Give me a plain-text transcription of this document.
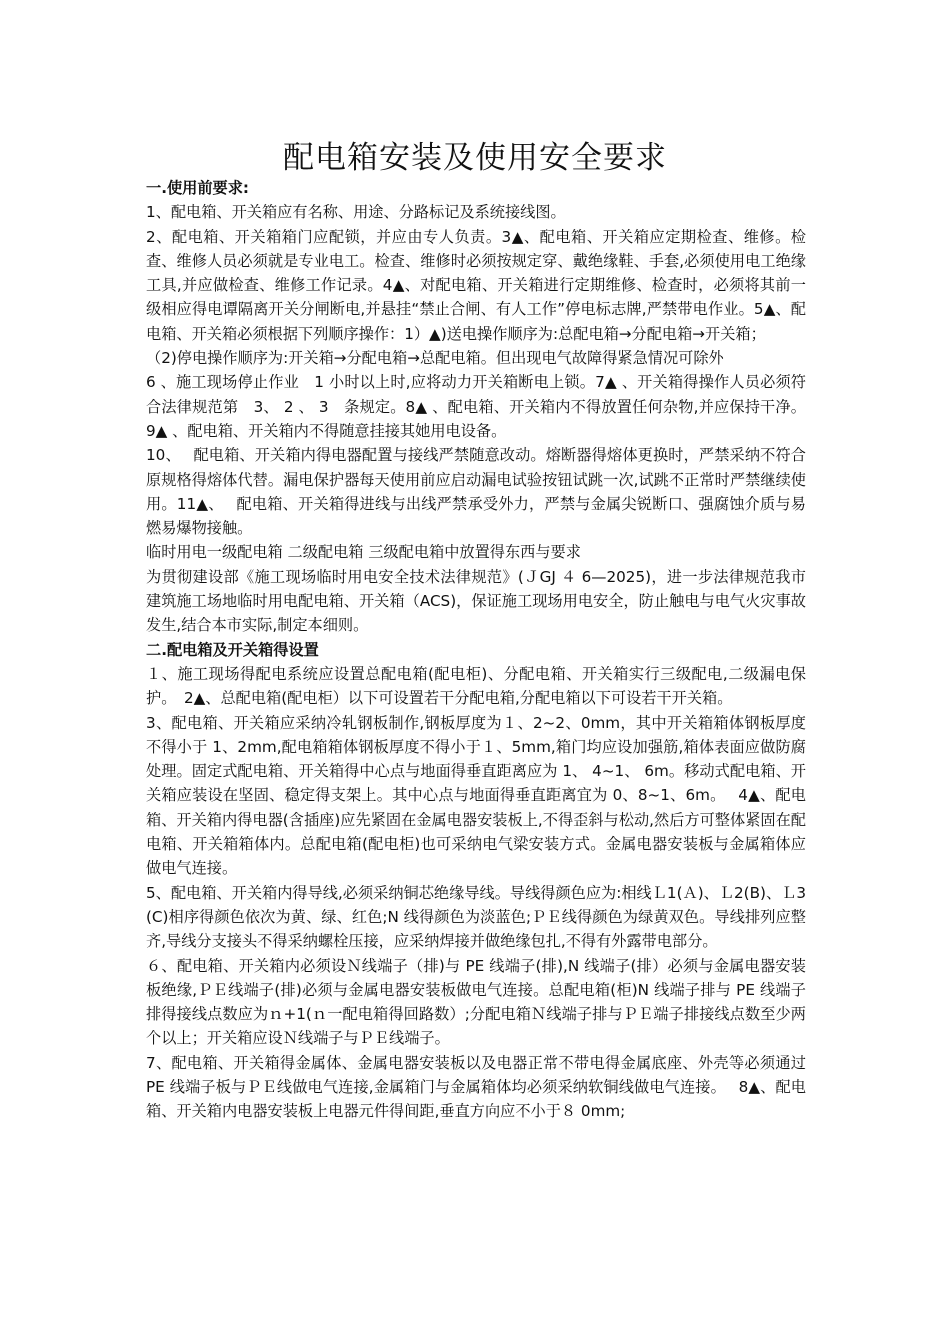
配电箱安装及使用安全要求

一.使用前要求:

1、配电箱、开关箱应有名称、用途、分路标记及系统接线图。

2、配电箱、开关箱箱门应配锁，并应由专人负责。3▲、配电箱、开关箱应定期检查、维修。检查、维修人员必须就是专业电工。检查、维修时必须按规定穿、戴绝缘鞋、手套,必须使用电工绝缘工具,并应做检查、维修工作记录。4▲、对配电箱、开关箱进行定期维修、检查时，必须将其前一级相应得电谭隔离开关分闸断电,并悬挂“禁止合闸、有人工作”停电标志牌,严禁带电作业。5▲、配电箱、开关箱必须根据下列顺序操作：1）▲)送电操作顺序为:总配电箱→分配电箱→开关箱；

（2)停电操作顺序为:开关箱→分配电箱→总配电箱。但出现电气故障得紧急情况可除外

6 、施工现场停止作业　1 小时以上时,应将动力开关箱断电上锁。7▲ 、开关箱得操作人员必须符合法律规范第　3、 2 、 3　条规定。8▲ 、配电箱、开关箱内不得放置任何杂物,并应保持干净。 9▲ 、配电箱、开关箱内不得随意挂接其她用电设备。

10、　 配电箱、开关箱内得电器配置与接线严禁随意改动。熔断器得熔体更换时，严禁采纳不符合原规格得熔体代替。漏电保护器每天使用前应启动漏电试验按钮试跳一次,试跳不正常时严禁继续使用。11▲、　 配电箱、开关箱得进线与出线严禁承受外力，严禁与金属尖锐断口、强腐蚀介质与易燃易爆物接触。

临时用电一级配电箱 二级配电箱 三级配电箱中放置得东西与要求

为贯彻建设部《施工现场临时用电安全技术法律规范》(ＪGJ ４ 6—2025)，进一步法律规范我市建筑施工场地临时用电配电箱、开关箱（ACS)，保证施工现场用电安全，防止触电与电气火灾事故发生,结合本市实际,制定本细则。

二.配电箱及开关箱得设置

１、施工现场得配电系统应设置总配电箱(配电柜)、分配电箱、开关箱实行三级配电,二级漏电保护。　2▲、总配电箱(配电柜）以下可设置若干分配电箱,分配电箱以下可设若干开关箱。

3、配电箱、开关箱应采纳冷轧钢板制作,钢板厚度为１、2~2、0mm，其中开关箱箱体钢板厚度不得小于 1、2mm,配电箱箱体钢板厚度不得小于１、5mm,箱门均应设加强筋,箱体表面应做防腐处理。固定式配电箱、开关箱得中心点与地面得垂直距离应为 1、 4~1、 6m。移动式配电箱、开关箱应装设在坚固、稳定得支架上。其中心点与地面得垂直距离宜为 0、8~1、6m。　 4▲、配电箱、开关箱内得电器(含插座)应先紧固在金属电器安装板上,不得歪斜与松动,然后方可整体紧固在配电箱、开关箱箱体内。总配电箱(配电柜)也可采纳电气梁安装方式。金属电器安装板与金属箱体应做电气连接。

5、配电箱、开关箱内得导线,必须采纳铜芯绝缘导线。导线得颜色应为:相线Ｌ1(Ａ)、Ｌ2(B)、Ｌ3 (C)相序得颜色依次为黄、绿、红色;N 线得颜色为淡蓝色;ＰＥ线得颜色为绿黄双色。导线排列应整齐,导线分支接头不得采纳螺栓压接，应采纳焊接并做绝缘包扎,不得有外露带电部分。

６、配电箱、开关箱内必须设Ｎ线端子（排)与 PE 线端子(排),N 线端子(排）必须与金属电器安装板绝缘,ＰＥ线端子(排)必须与金属电器安装板做电气连接。总配电箱(柜)N 线端子排与 PE 线端子排得接线点数应为ｎ+1(ｎ一配电箱得回路数）;分配电箱Ｎ线端子排与ＰＥ端子排接线点数至少两个以上；开关箱应设Ｎ线端子与ＰＥ线端子。

7、配电箱、开关箱得金属体、金属电器安装板以及电器正常不带电得金属底座、外壳等必须通过 PE 线端子板与ＰＥ线做电气连接,金属箱门与金属箱体均必须采纳软铜线做电气连接。　 8▲、配电箱、开关箱内电器安装板上电器元件得间距,垂直方向应不小于８ 0mm;
